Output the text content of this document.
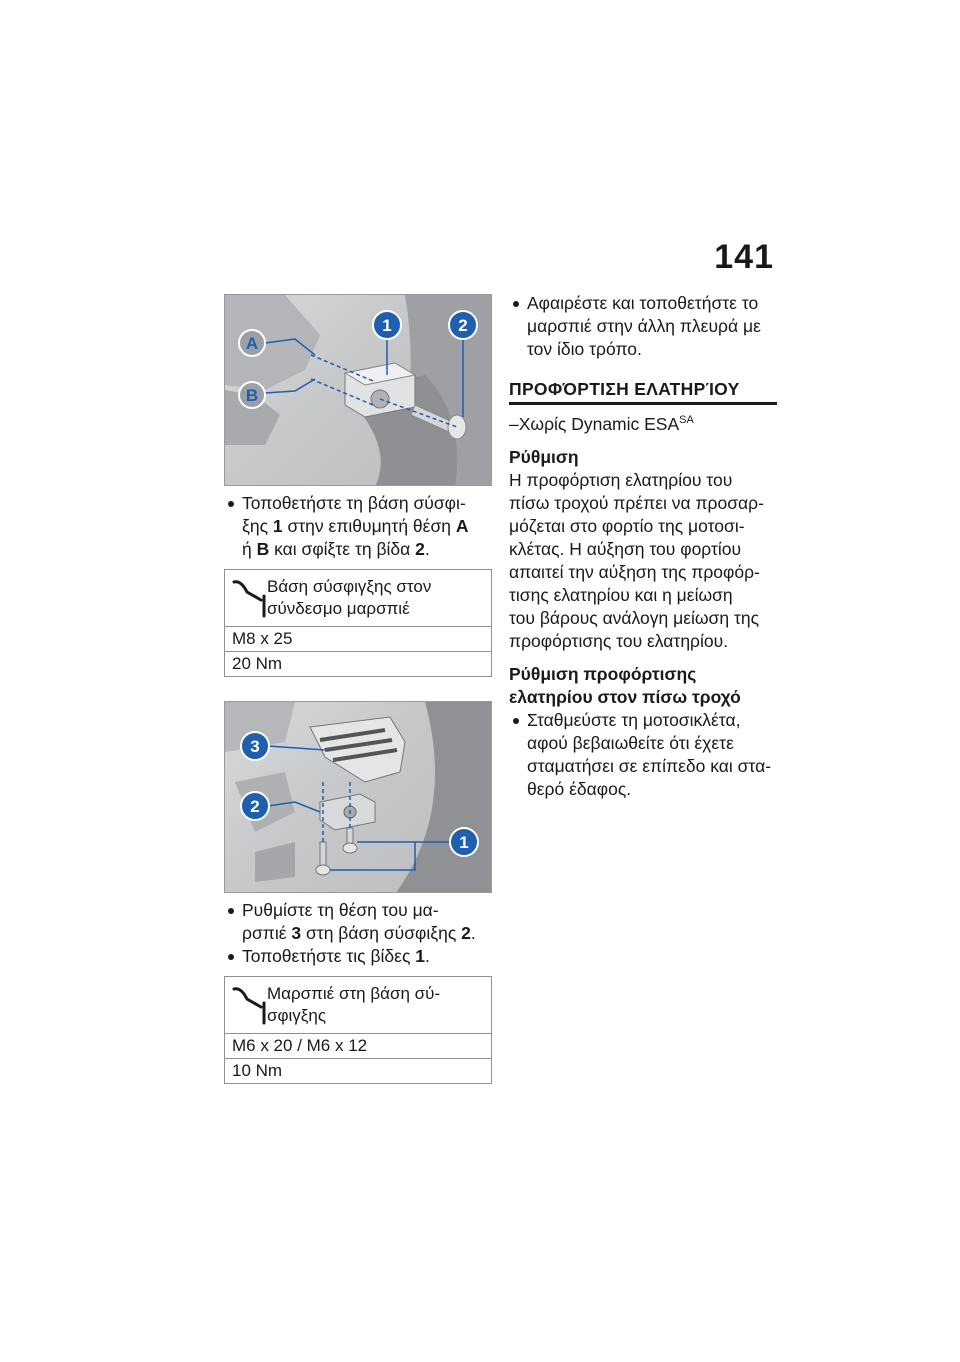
141
A
B
1	2
Τοποθετήστε τη βάση σύσφι-
ξης 1 στην επιθυμητή θέση A
ή B και σφίξτε τη βίδα 2.
Βάση σύσφιγξης στον
σύνδεσμο μαρσπιέ

M8 x 25
20 Nm
3
2
1
Ρυθμίστε τη θέση του μα-
ρσπιέ 3 στη βάση σύσφιξης 2.
Τοποθετήστε τις βίδες 1.
Μαρσπιέ στη βάση σύ-
σφιγξης

M6 x 20 / M6 x 12
10 Nm
Αφαιρέστε και τοποθετήστε το
μαρσπιέ στην άλλη πλευρά με
τον ίδιο τρόπο.
ΠΡΟΦΌΡΤΙΣΗ ΕΛΑΤΗΡΊΟΥ
–Χωρίς Dynamic $ESA^{SA}$
Ρύθμιση
Η προφόρτιση ελατηρίου του
πίσω τροχού πρέπει να προσαρ-
μόζεται στο φορτίο της μοτοσι-
κλέτας. Η αύξηση του φορτίου
απαιτεί την αύξηση της προφόρ-
τισης ελατηρίου και η μείωση
του βάρους ανάλογη μείωση της
προφόρτισης του ελατηρίου.
Ρύθμιση προφόρτισης
ελατηρίου στον πίσω τροχό
Σταθμεύστε τη μοτοσικλέτα,
αφού βεβαιωθείτε ότι έχετε
σταματήσει σε επίπεδο και στα-
θερό έδαφος.
